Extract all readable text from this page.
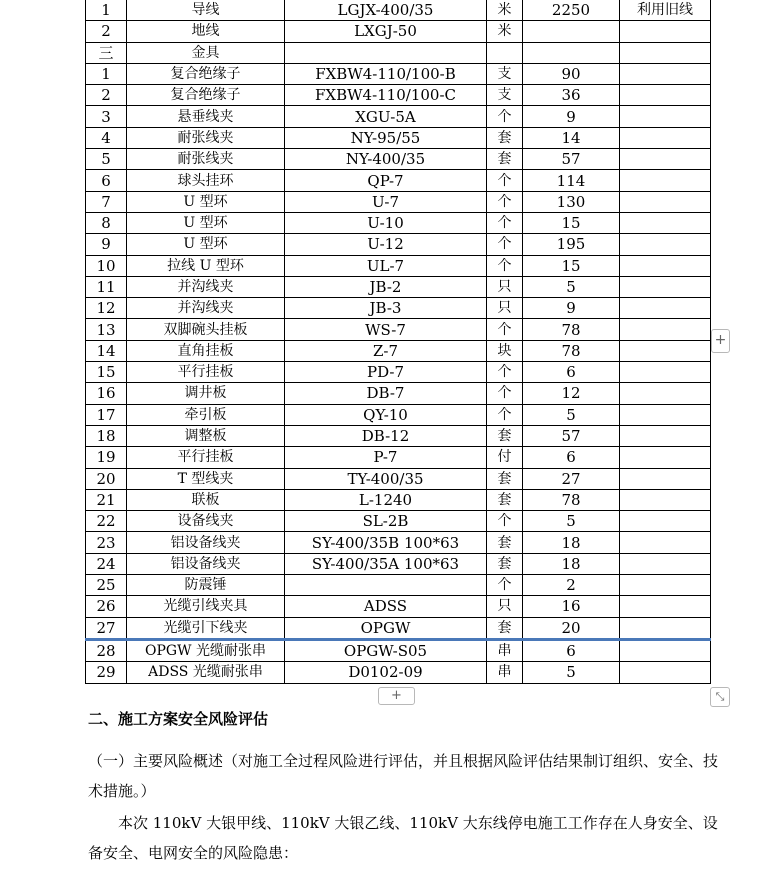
1	导线	LGJX-400/35	米	2250	利用旧线
2	地线	LXGJ-50	米		
三	金具				
1	复合绝缘子	FXBW4-110/100-B	支	90	
2	复合绝缘子	FXBW4-110/100-C	支	36	
3	悬垂线夹	XGU-5A	个	9	
4	耐张线夹	NY-95/55	套	14	
5	耐张线夹	NY-400/35	套	57	
6	球头挂环	QP-7	个	114	
7	U 型环	U-7	个	130	
8	U 型环	U-10	个	15	
9	U 型环	U-12	个	195	
10	拉线 U 型环	UL-7	个	15	
11	并沟线夹	JB-2	只	5	
12	并沟线夹	JB-3	只	9	
13	双脚碗头挂板	WS-7	个	78	
14	直角挂板	Z-7	块	78	
15	平行挂板	PD-7	个	6	
16	调井板	DB-7	个	12	
17	牵引板	QY-10	个	5	
18	调整板	DB-12	套	57	
19	平行挂板	P-7	付	6	
20	T 型线夹	TY-400/35	套	27	
21	联板	L-1240	套	78	
22	设备线夹	SL-2B	个	5	
23	铝设备线夹	SY-400/35B 100*63	套	18	
24	铝设备线夹	SY-400/35A 100*63	套	18	
25	防震锤		个	2	
26	光缆引线夹具	ADSS	只	16	
27	光缆引下线夹	OPGW	套	20	
28	OPGW 光缆耐张串	OPGW-S05	串	6	
29	ADSS 光缆耐张串	D0102-09	串	5	
+
+	⤡
二、施工方案安全风险评估

（一）主要风险概述（对施工全过程风险进行评估，并且根据风险评估结果制订组织、安全、技术措施。）

本次 110kV 大银甲线、110kV 大银乙线、110kV 大东线停电施工工作存在人身安全、设备安全、电网安全的风险隐患：
